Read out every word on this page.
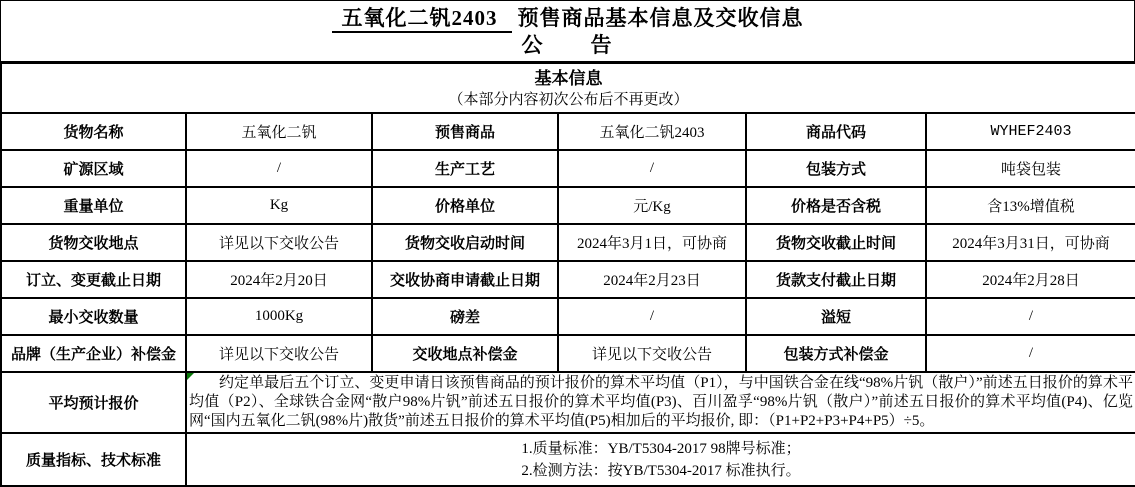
五氧化二钒2403 预售商品基本信息及交收信息
公　　告
基本信息
（本部分内容初次公布后不再更改）					

货物名称	五氧化二钒	预售商品	五氧化二钒2403	商品代码	WYHEF2403
矿源区域	/	生产工艺	/	包装方式	吨袋包装
重量单位	Kg	价格单位	元/Kg	价格是否含税	含13%增值税
货物交收地点	详见以下交收公告	货物交收启动时间	2024年3月1日，可协商	货物交收截止时间	2024年3月31日，可协商
订立、变更截止日期	2024年2月20日	交收协商申请截止日期	2024年2月23日	货款支付截止日期	2024年2月28日
最小交收数量	1000Kg	磅差	/	溢短	/
品牌（生产企业）补偿金	详见以下交收公告	交收地点补偿金	详见以下交收公告	包装方式补偿金	/
平均预计报价	约定单最后五个订立、变更申请日该预售商品的预计报价的算术平均值（P1），与中国铁合金在线“98%片钒（散户）”前述五日报价的算术平均值（P2）、全球铁合金网“散户98%片钒”前述五日报价的算术平均值(P3)、百川盈孚“98%片钒（散户）”前述五日报价的算术平均值(P4)、亿览网“国内五氧化二钒(98%片)散货”前述五日报价的算术平均值(P5)相加后的平均报价, 即：（P1+P2+P3+P4+P5）÷5。				

质量指标、技术标准	1.质量标准：YB/T5304-2017 98牌号标准；
2.检测方法：按YB/T5304-2017 标准执行。				
